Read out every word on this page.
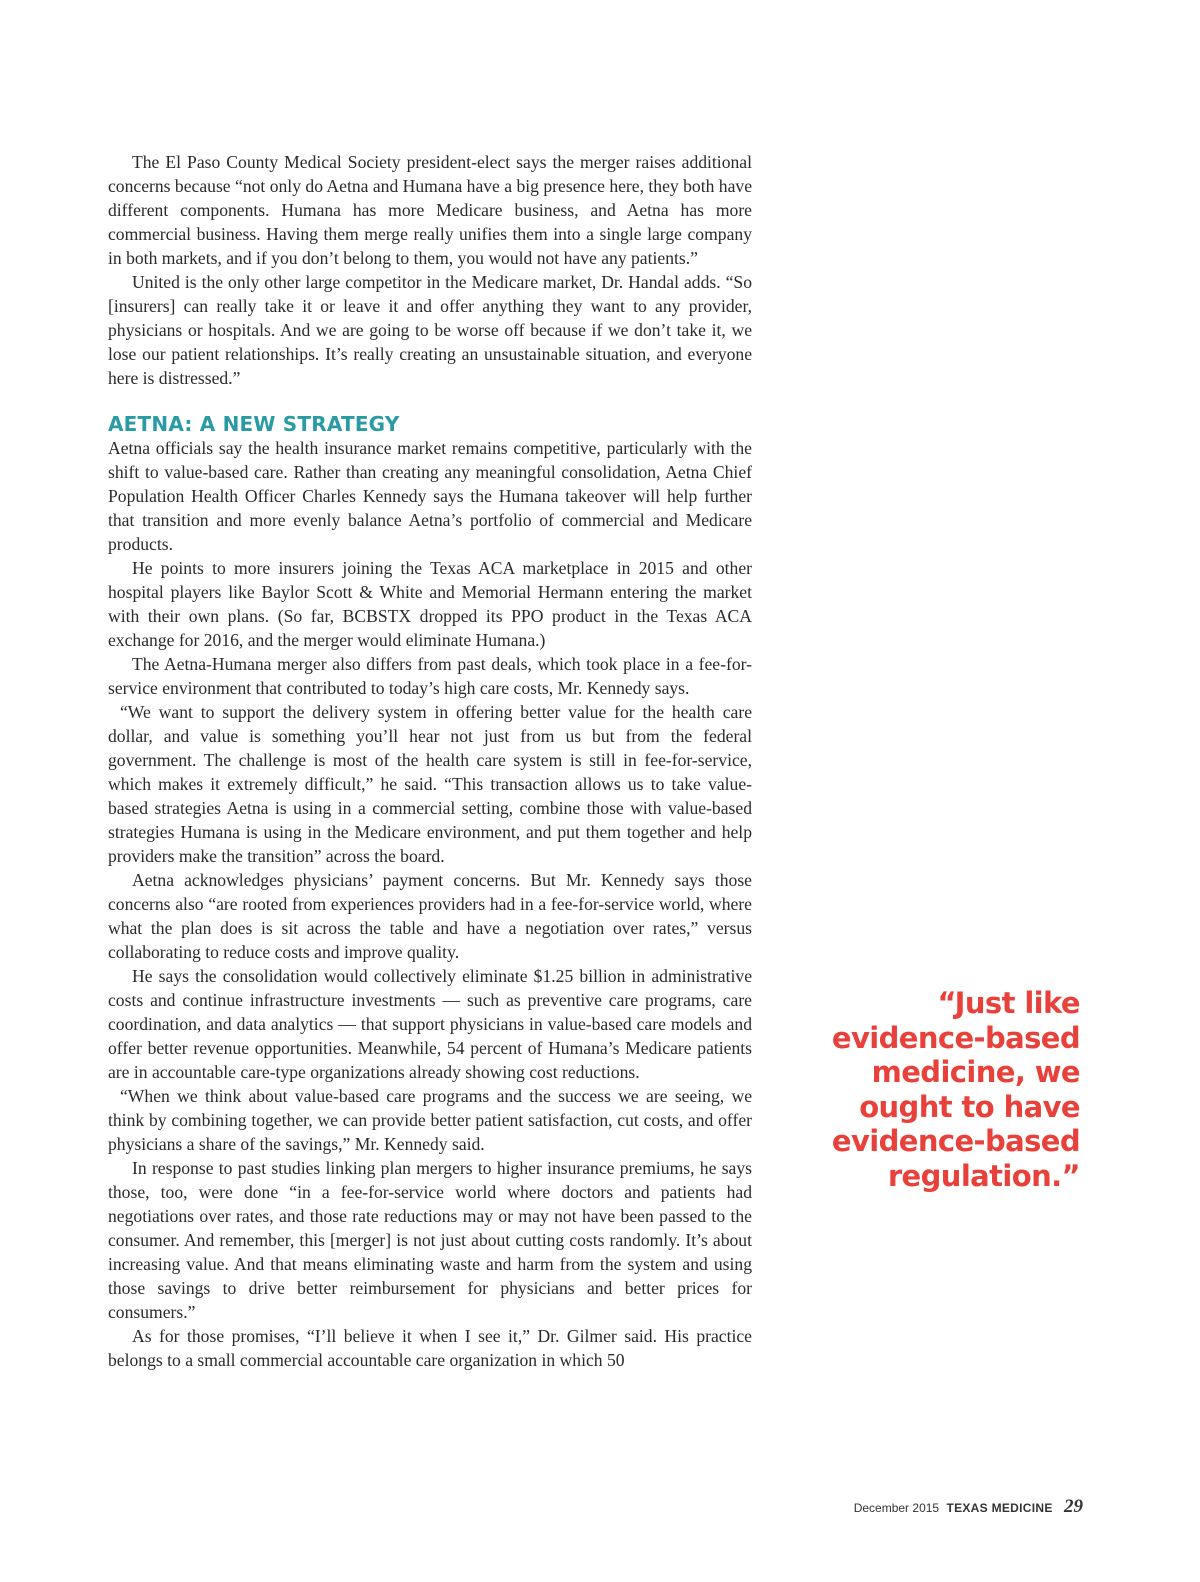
The El Paso County Medical Society president-elect says the merger raises additional concerns because “not only do Aetna and Humana have a big presence here, they both have different components. Humana has more Medicare business, and Aetna has more commercial business. Having them merge really unifies them into a single large company in both markets, and if you don’t belong to them, you would not have any patients.”

United is the only other large competitor in the Medicare market, Dr. Handal adds. “So [insurers] can really take it or leave it and offer anything they want to any provider, physicians or hospitals. And we are going to be worse off because if we don’t take it, we lose our patient relationships. It’s really creating an unsustainable situation, and everyone here is distressed.”

AETNA: A NEW STRATEGY

Aetna officials say the health insurance market remains competitive, particularly with the shift to value-based care. Rather than creating any meaningful consolidation, Aetna Chief Population Health Officer Charles Kennedy says the Humana takeover will help further that transition and more evenly balance Aetna’s portfolio of commercial and Medicare products.

He points to more insurers joining the Texas ACA marketplace in 2015 and other hospital players like Baylor Scott & White and Memorial Hermann entering the market with their own plans. (So far, BCBSTX dropped its PPO product in the Texas ACA exchange for 2016, and the merger would eliminate Humana.)

The Aetna-Humana merger also differs from past deals, which took place in a fee-for-service environment that contributed to today’s high care costs, Mr. Kennedy says.

“We want to support the delivery system in offering better value for the health care dollar, and value is something you’ll hear not just from us but from the federal government. The challenge is most of the health care system is still in fee-for-service, which makes it extremely difficult,” he said. “This transaction allows us to take value-based strategies Aetna is using in a commercial setting, combine those with value-based strategies Humana is using in the Medicare environment, and put them together and help providers make the transition” across the board.

Aetna acknowledges physicians’ payment concerns. But Mr. Kennedy says those concerns also “are rooted from experiences providers had in a fee-for-service world, where what the plan does is sit across the table and have a negotiation over rates,” versus collaborating to reduce costs and improve quality.

He says the consolidation would collectively eliminate $1.25 billion in administrative costs and continue infrastructure investments — such as preventive care programs, care coordination, and data analytics — that support physicians in value-based care models and offer better revenue opportunities. Meanwhile, 54 percent of Humana’s Medicare patients are in accountable care-type organizations already showing cost reductions.

“When we think about value-based care programs and the success we are seeing, we think by combining together, we can provide better patient satisfaction, cut costs, and offer physicians a share of the savings,” Mr. Kennedy said.

In response to past studies linking plan mergers to higher insurance premiums, he says those, too, were done “in a fee-for-service world where doctors and patients had negotiations over rates, and those rate reductions may or may not have been passed to the consumer. And remember, this [merger] is not just about cutting costs randomly. It’s about increasing value. And that means eliminating waste and harm from the system and using those savings to drive better reimbursement for physicians and better prices for consumers.”

As for those promises, “I’ll believe it when I see it,” Dr. Gilmer said. His practice belongs to a small commercial accountable care organization in which 50

“Just like
evidence-based
medicine, we
ought to have
evidence-based
regulation.”
December 2015 TEXAS MEDICINE 29
